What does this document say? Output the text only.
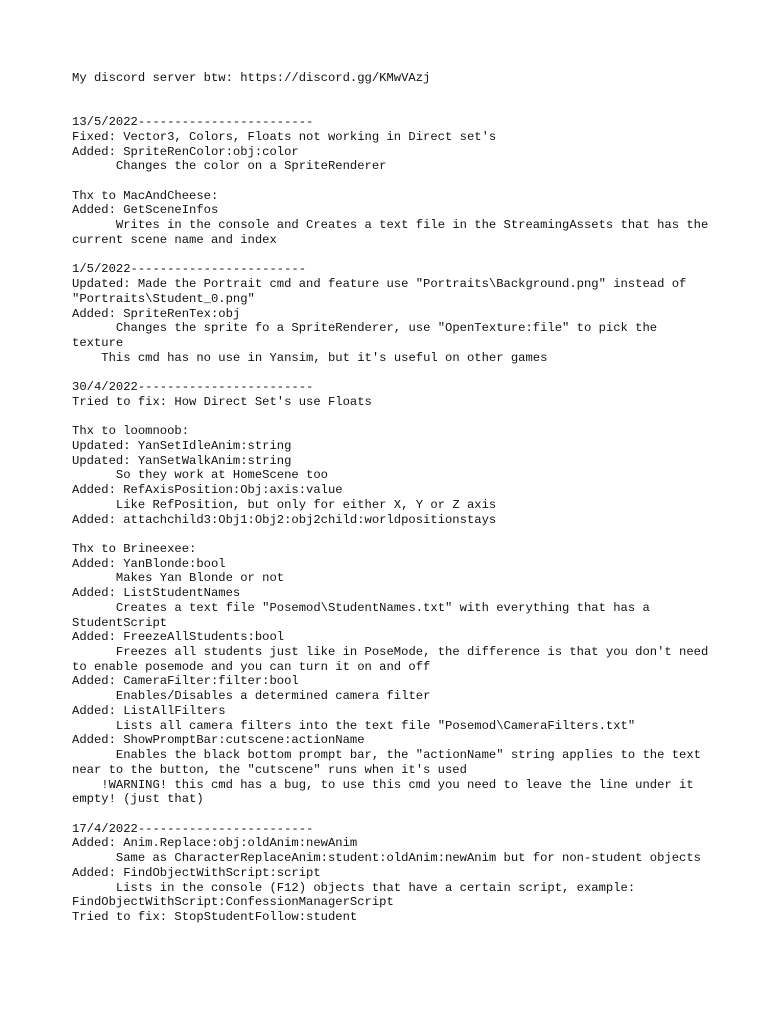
My discord server btw: https://discord.gg/KMwVAzj
13/5/2022------------------------
Fixed: Vector3, Colors, Floats not working in Direct set's
Added: SpriteRenColor:obj:color
Changes the color on a SpriteRenderer
Thx to MacAndCheese:
Added: GetSceneInfos
Writes in the console and Creates a text file in the StreamingAssets that has the current scene name and index
1/5/2022------------------------
Updated: Made the Portrait cmd and feature use "Portraits\Background.png" instead of "Portraits\Student_0.png"
Added: SpriteRenTex:obj
Changes the sprite fo a SpriteRenderer, use "OpenTexture:file" to pick the texture
This cmd has no use in Yansim, but it's useful on other games
30/4/2022------------------------
Tried to fix: How Direct Set's use Floats
Thx to loomnoob:
Updated: YanSetIdleAnim:string
Updated: YanSetWalkAnim:string
So they work at HomeScene too
Added: RefAxisPosition:Obj:axis:value
Like RefPosition, but only for either X, Y or Z axis
Added: attachchild3:Obj1:Obj2:obj2child:worldpositionstays
Thx to Brineexee:
Added: YanBlonde:bool
Makes Yan Blonde or not
Added: ListStudentNames
Creates a text file "Posemod\StudentNames.txt" with everything that has a StudentScript
Added: FreezeAllStudents:bool
Freezes all students just like in PoseMode, the difference is that you don't need to enable posemode and you can turn it on and off
Added: CameraFilter:filter:bool
Enables/Disables a determined camera filter
Added: ListAllFilters
Lists all camera filters into the text file "Posemod\CameraFilters.txt"
Added: ShowPromptBar:cutscene:actionName
Enables the black bottom prompt bar, the "actionName" string applies to the text near to the button, the "cutscene" runs when it's used
!WARNING! this cmd has a bug, to use this cmd you need to leave the line under it empty! (just that)
17/4/2022------------------------
Added: Anim.Replace:obj:oldAnim:newAnim
Same as CharacterReplaceAnim:student:oldAnim:newAnim but for non-student objects
Added: FindObjectWithScript:script
Lists in the console (F12) objects that have a certain script, example: FindObjectWithScript:ConfessionManagerScript
Tried to fix: StopStudentFollow:student
